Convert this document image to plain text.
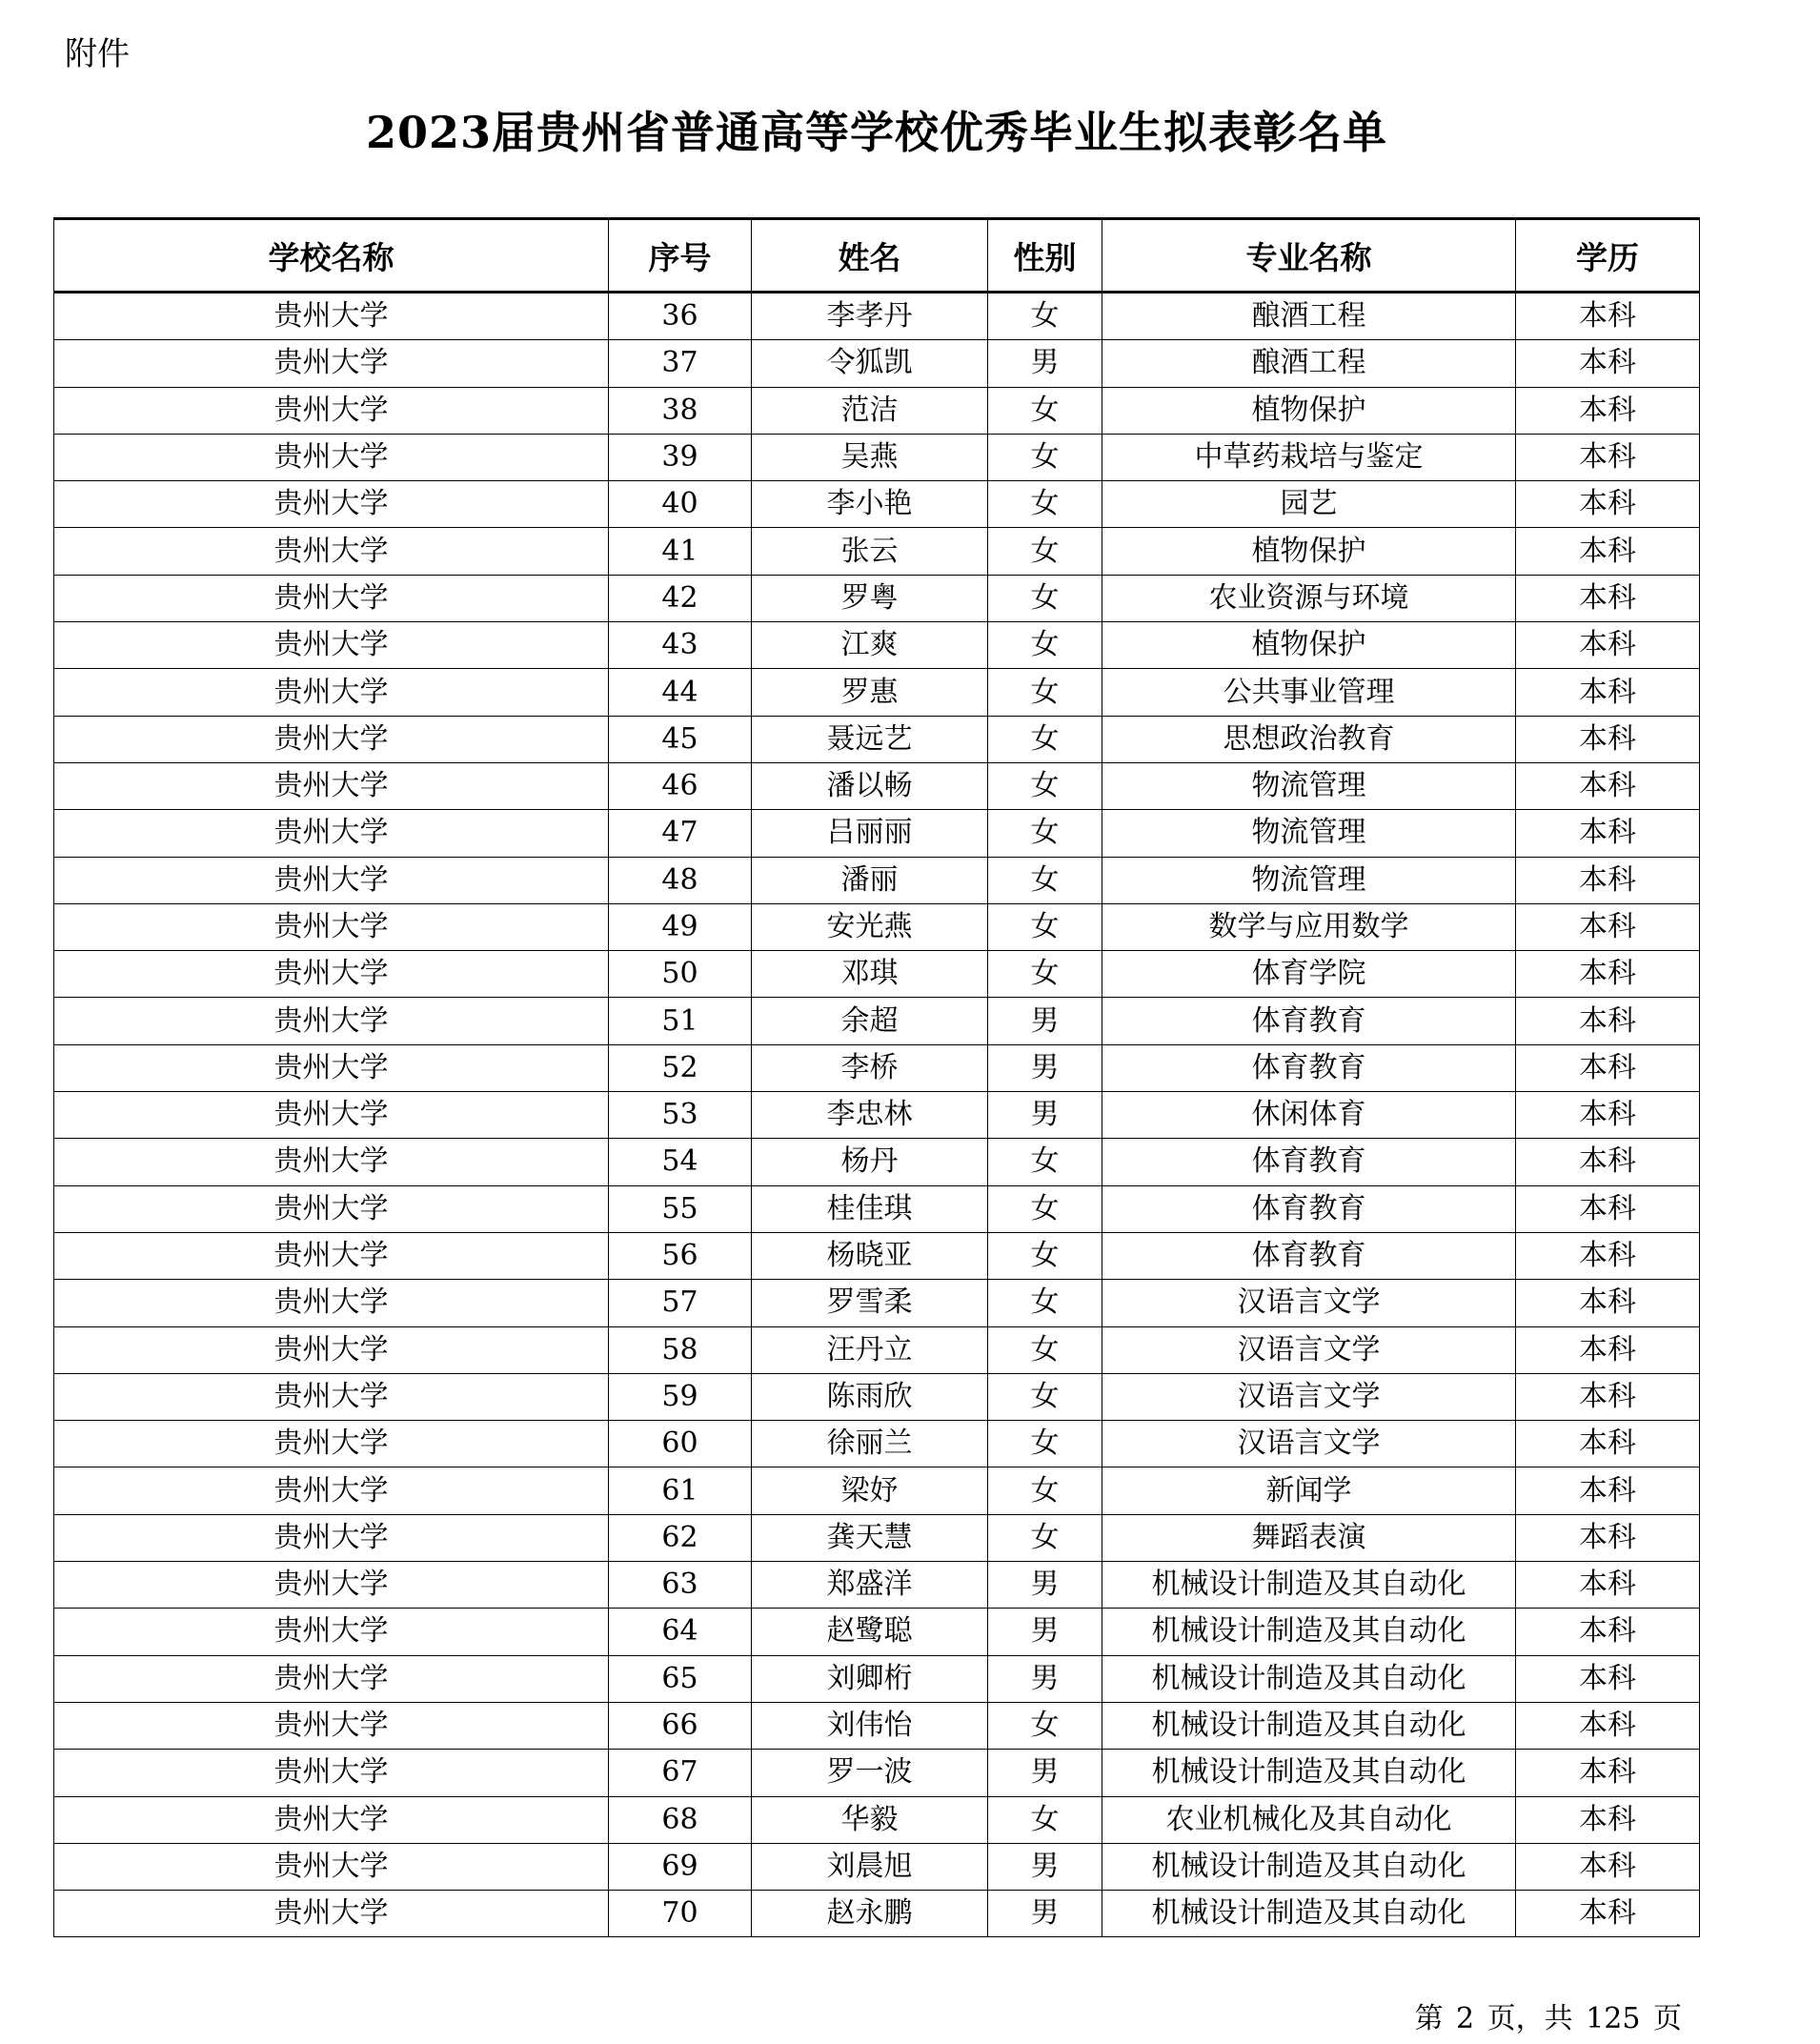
附件
2023届贵州省普通高等学校优秀毕业生拟表彰名单
学校名称	序号	姓名	性别	专业名称	学历
贵州大学	36	李孝丹	女	酿酒工程	本科
贵州大学	37	令狐凯	男	酿酒工程	本科
贵州大学	38	范洁	女	植物保护	本科
贵州大学	39	吴燕	女	中草药栽培与鉴定	本科
贵州大学	40	李小艳	女	园艺	本科
贵州大学	41	张云	女	植物保护	本科
贵州大学	42	罗粤	女	农业资源与环境	本科
贵州大学	43	江爽	女	植物保护	本科
贵州大学	44	罗惠	女	公共事业管理	本科
贵州大学	45	聂远艺	女	思想政治教育	本科
贵州大学	46	潘以畅	女	物流管理	本科
贵州大学	47	吕丽丽	女	物流管理	本科
贵州大学	48	潘丽	女	物流管理	本科
贵州大学	49	安光燕	女	数学与应用数学	本科
贵州大学	50	邓琪	女	体育学院	本科
贵州大学	51	余超	男	体育教育	本科
贵州大学	52	李桥	男	体育教育	本科
贵州大学	53	李忠林	男	休闲体育	本科
贵州大学	54	杨丹	女	体育教育	本科
贵州大学	55	桂佳琪	女	体育教育	本科
贵州大学	56	杨晓亚	女	体育教育	本科
贵州大学	57	罗雪柔	女	汉语言文学	本科
贵州大学	58	汪丹立	女	汉语言文学	本科
贵州大学	59	陈雨欣	女	汉语言文学	本科
贵州大学	60	徐丽兰	女	汉语言文学	本科
贵州大学	61	梁妤	女	新闻学	本科
贵州大学	62	龚天慧	女	舞蹈表演	本科
贵州大学	63	郑盛洋	男	机械设计制造及其自动化	本科
贵州大学	64	赵鹭聪	男	机械设计制造及其自动化	本科
贵州大学	65	刘卿桁	男	机械设计制造及其自动化	本科
贵州大学	66	刘伟怡	女	机械设计制造及其自动化	本科
贵州大学	67	罗一波	男	机械设计制造及其自动化	本科
贵州大学	68	华毅	女	农业机械化及其自动化	本科
贵州大学	69	刘晨旭	男	机械设计制造及其自动化	本科
贵州大学	70	赵永鹏	男	机械设计制造及其自动化	本科
第 2 页，共 125 页
